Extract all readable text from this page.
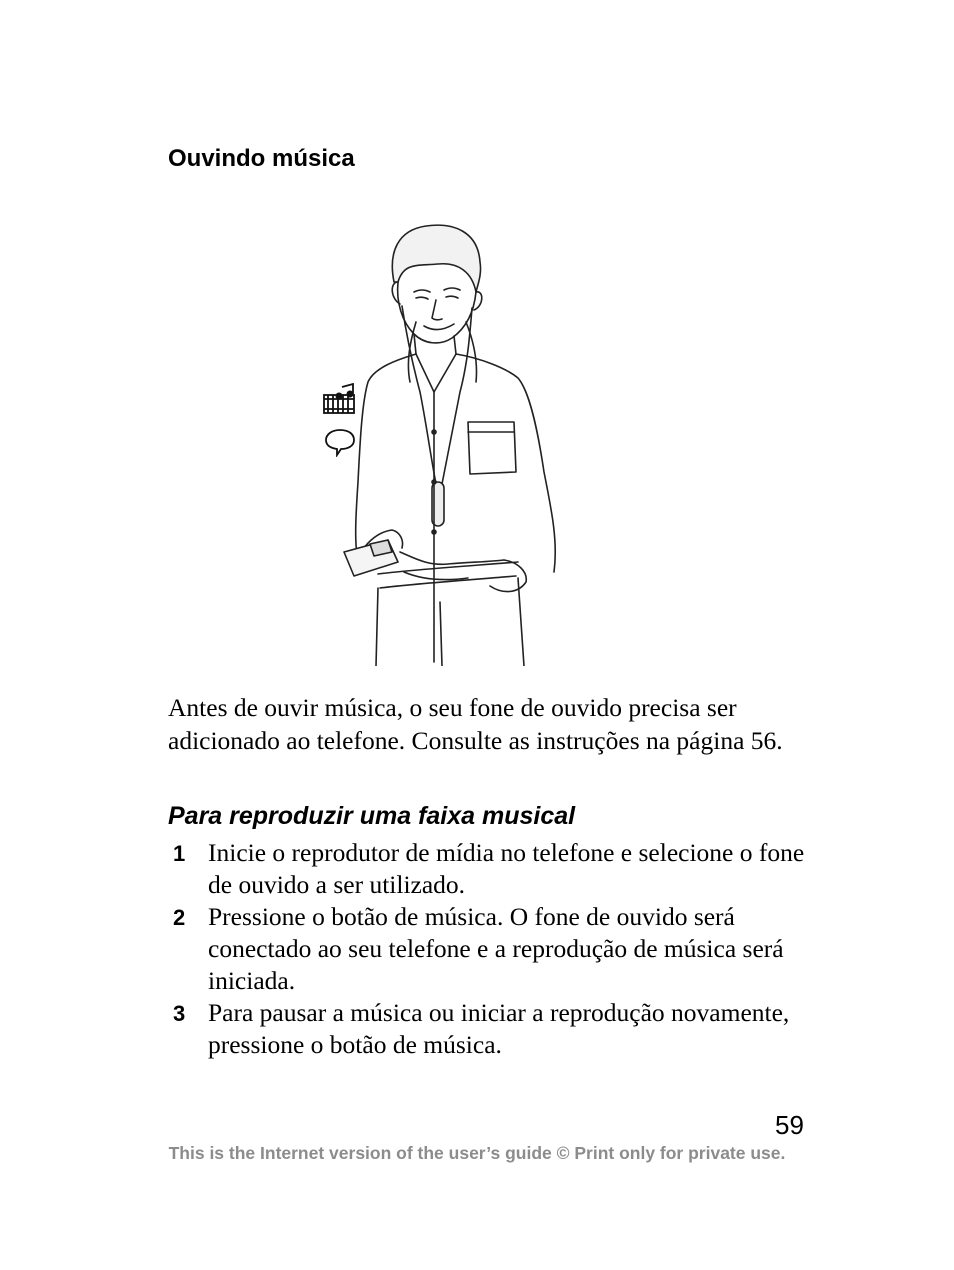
Ouvindo música

Antes de ouvir música, o seu fone de ouvido precisa ser adicionado ao telefone. Consulte as instruções na página 56.

Para reproduzir uma faixa musical
1 Inicie o reprodutor de mídia no telefone e selecione o fone de ouvido a ser utilizado.
2 Pressione o botão de música. O fone de ouvido será conectado ao seu telefone e a reprodução de música será iniciada.
3 Para pausar a música ou iniciar a reprodução novamente, pressione o botão de música.
59
This is the Internet version of the user’s guide © Print only for private use.
